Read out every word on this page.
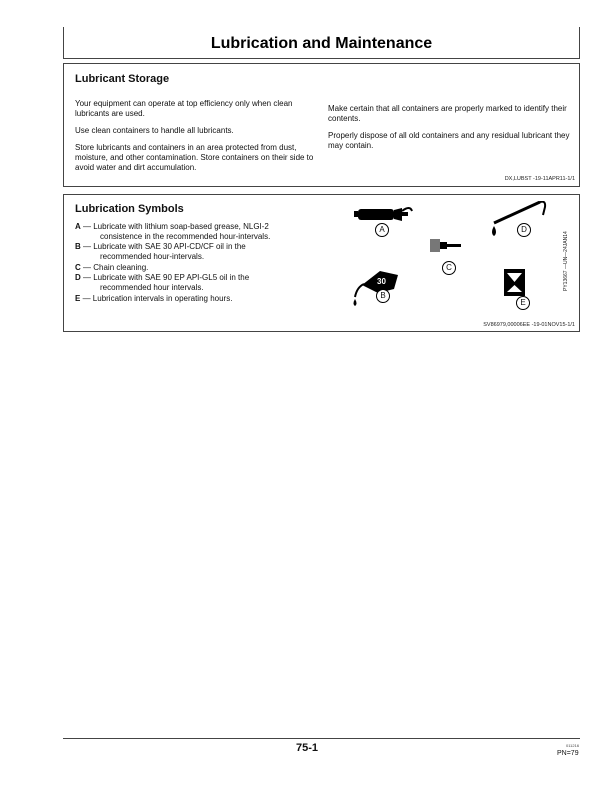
Lubrication and Maintenance
Lubricant Storage
Your equipment can operate at top efficiency only when clean lubricants are used.
Use clean containers to handle all lubricants.
Store lubricants and containers in an area protected from dust, moisture, and other contamination. Store containers on their side to avoid water and dirt accumulation.
Make certain that all containers are properly marked to identify their contents.
Properly dispose of all old containers and any residual lubricant they may contain.
DX,LUBST -19-11APR11-1/1
Lubrication Symbols
A — Lubricate with lithium soap-based grease, NLGI-2
consistence in the recommended hour-intervals.
B — Lubricate with SAE 30 API-CD/CF oil in the
recommended hour-intervals.
C — Chain cleaning.
D — Lubricate with SAE 90 EP API-GL5 oil in the
recommended hour intervals.
E — Lubrication intervals in operating hours.
30
A	D
C
B
E
PY13667 —UN—24JAN14
SV86979,00006EE -19-01NOV15-1/1
75-1	011216
PN=79
